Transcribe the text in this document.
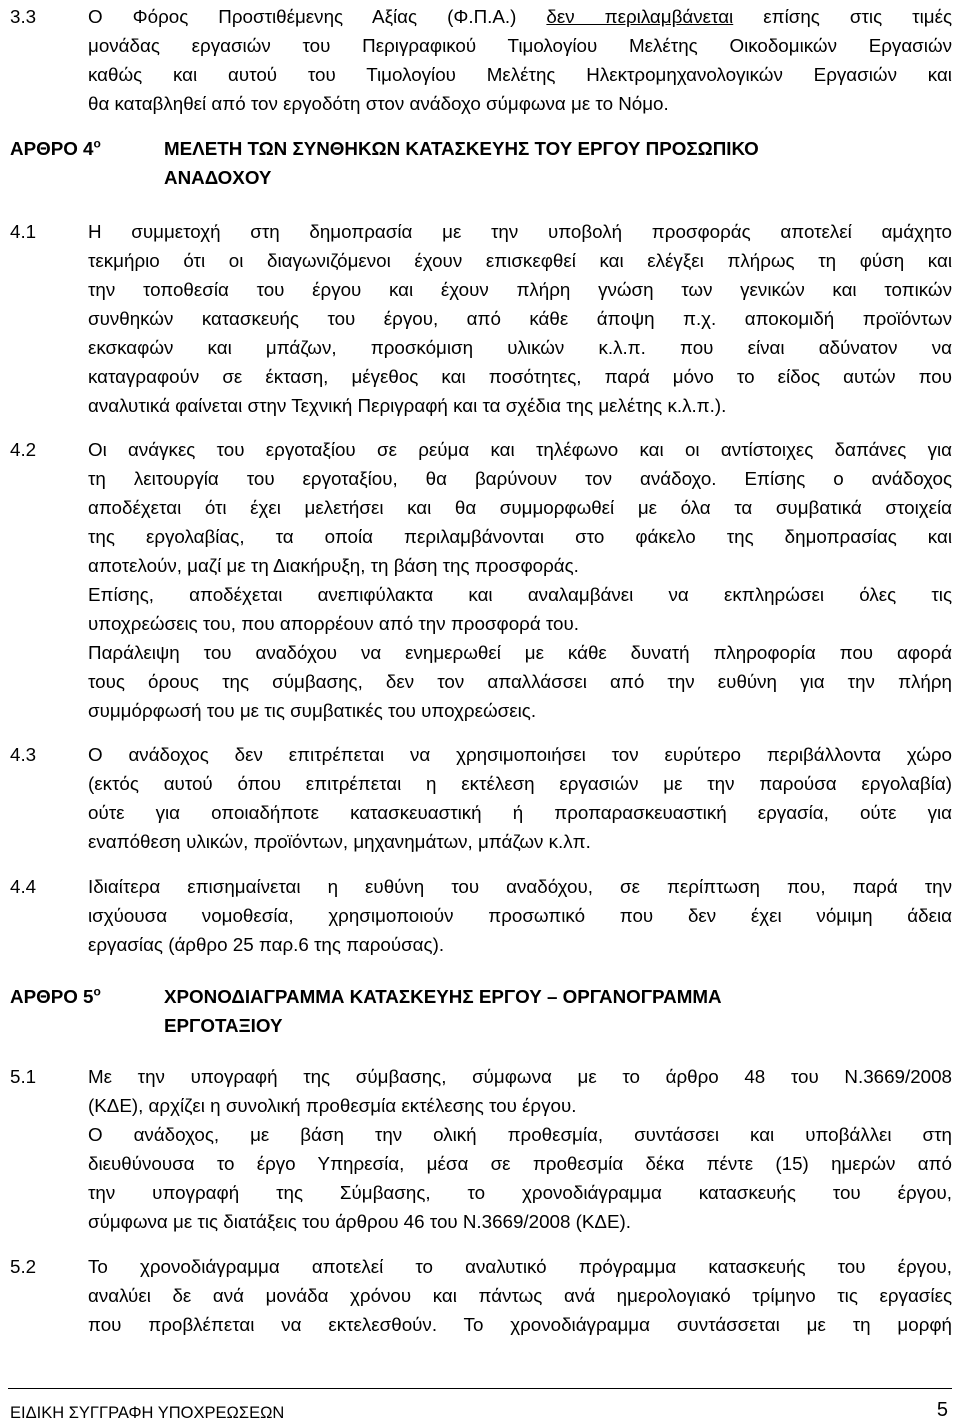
3.3	Ο Φόρος Προστιθέμενης Αξίας (Φ.Π.Α.) δεν περιλαμβάνεται επίσης στις τιμές
μονάδας εργασιών του Περιγραφικού Τιμολογίου Μελέτης Οικοδομικών Εργασιών
καθώς και αυτού του Τιμολογίου Μελέτης Ηλεκτρομηχανολογικών Εργασιών και
θα καταβληθεί από τον εργοδότη στον ανάδοχο σύμφωνα με το Νόμο.
ΑΡΘΡΟ $4^o$	ΜΕΛΕΤΗ ΤΩΝ ΣΥΝΘΗΚΩΝ ΚΑΤΑΣΚΕΥΗΣ ΤΟΥ ΕΡΓΟΥ ΠΡΟΣΩΠΙΚΟ
ΑΝΑΔΟΧΟΥ
4.1	Η συμμετοχή στη δημοπρασία με την υποβολή προσφοράς αποτελεί αμάχητο
τεκμήριο ότι οι διαγωνιζόμενοι έχουν επισκεφθεί και ελέγξει πλήρως τη φύση και
την τοποθεσία του έργου και έχουν πλήρη γνώση των γενικών και τοπικών
συνθηκών κατασκευής του έργου, από κάθε άποψη π.χ. αποκομιδή προϊόντων
εκσκαφών και μπάζων, προσκόμιση υλικών κ.λ.π. που είναι αδύνατον να
καταγραφούν σε έκταση, μέγεθος και ποσότητες, παρά μόνο το είδος αυτών που
αναλυτικά φαίνεται στην Τεχνική Περιγραφή και τα σχέδια της μελέτης κ.λ.π.).
4.2	Οι ανάγκες του εργοταξίου σε ρεύμα και τηλέφωνο και οι αντίστοιχες δαπάνες για
τη λειτουργία του εργοταξίου, θα βαρύνουν τον ανάδοχο. Επίσης ο ανάδοχος
αποδέχεται ότι έχει μελετήσει και θα συμμορφωθεί με όλα τα συμβατικά στοιχεία
της εργολαβίας, τα οποία περιλαμβάνονται στο φάκελο της δημοπρασίας και
αποτελούν, μαζί με τη Διακήρυξη, τη βάση της προσφοράς.
Επίσης, αποδέχεται ανεπιφύλακτα και αναλαμβάνει να εκπληρώσει όλες τις
υποχρεώσεις του, που απορρέουν από την προσφορά του.
Παράλειψη του αναδόχου να ενημερωθεί με κάθε δυνατή πληροφορία που αφορά
τους όρους της σύμβασης, δεν τον απαλλάσσει από την ευθύνη για την πλήρη
συμμόρφωσή του με τις συμβατικές του υποχρεώσεις.
4.3	Ο ανάδοχος δεν επιτρέπεται να χρησιμοποιήσει τον ευρύτερο περιβάλλοντα χώρο
(εκτός αυτού όπου επιτρέπεται η εκτέλεση εργασιών με την παρούσα εργολαβία)
ούτε για οποιαδήποτε κατασκευαστική ή προπαρασκευαστική εργασία, ούτε για
εναπόθεση υλικών, προϊόντων, μηχανημάτων, μπάζων κ.λπ.
4.4	Ιδιαίτερα επισημαίνεται η ευθύνη του αναδόχου, σε περίπτωση που, παρά την
ισχύουσα νομοθεσία, χρησιμοποιούν προσωπικό που δεν έχει νόμιμη άδεια
εργασίας (άρθρο 25 παρ.6 της παρούσας).
ΑΡΘΡΟ $5^o$	ΧΡΟΝΟΔΙΑΓΡΑΜΜΑ ΚΑΤΑΣΚΕΥΗΣ ΕΡΓΟΥ – ΟΡΓΑΝΟΓΡΑΜΜΑ
ΕΡΓΟΤΑΞΙΟΥ
5.1	Με την υπογραφή της σύμβασης, σύμφωνα με το άρθρο 48 του Ν.3669/2008
(ΚΔΕ), αρχίζει η συνολική προθεσμία εκτέλεσης του έργου.
Ο ανάδοχος, με βάση την ολική προθεσμία, συντάσσει και υποβάλλει στη
διευθύνουσα το έργο Υπηρεσία, μέσα σε προθεσμία δέκα πέντε (15) ημερών από
την υπογραφή της Σύμβασης, το χρονοδιάγραμμα κατασκευής του έργου,
σύμφωνα με τις διατάξεις του άρθρου 46 του Ν.3669/2008 (ΚΔΕ).
5.2	Το χρονοδιάγραμμα αποτελεί το αναλυτικό πρόγραμμα κατασκευής του έργου,
αναλύει δε ανά μονάδα χρόνου και πάντως ανά ημερολογιακό τρίμηνο τις εργασίες
που προβλέπεται να εκτελεσθούν. Το χρονοδιάγραμμα συντάσσεται με τη μορφή
ΕΙΔΙΚΗ ΣΥΓΓΡΑΦΗ ΥΠΟΧΡΕΩΣΕΩΝ	5
